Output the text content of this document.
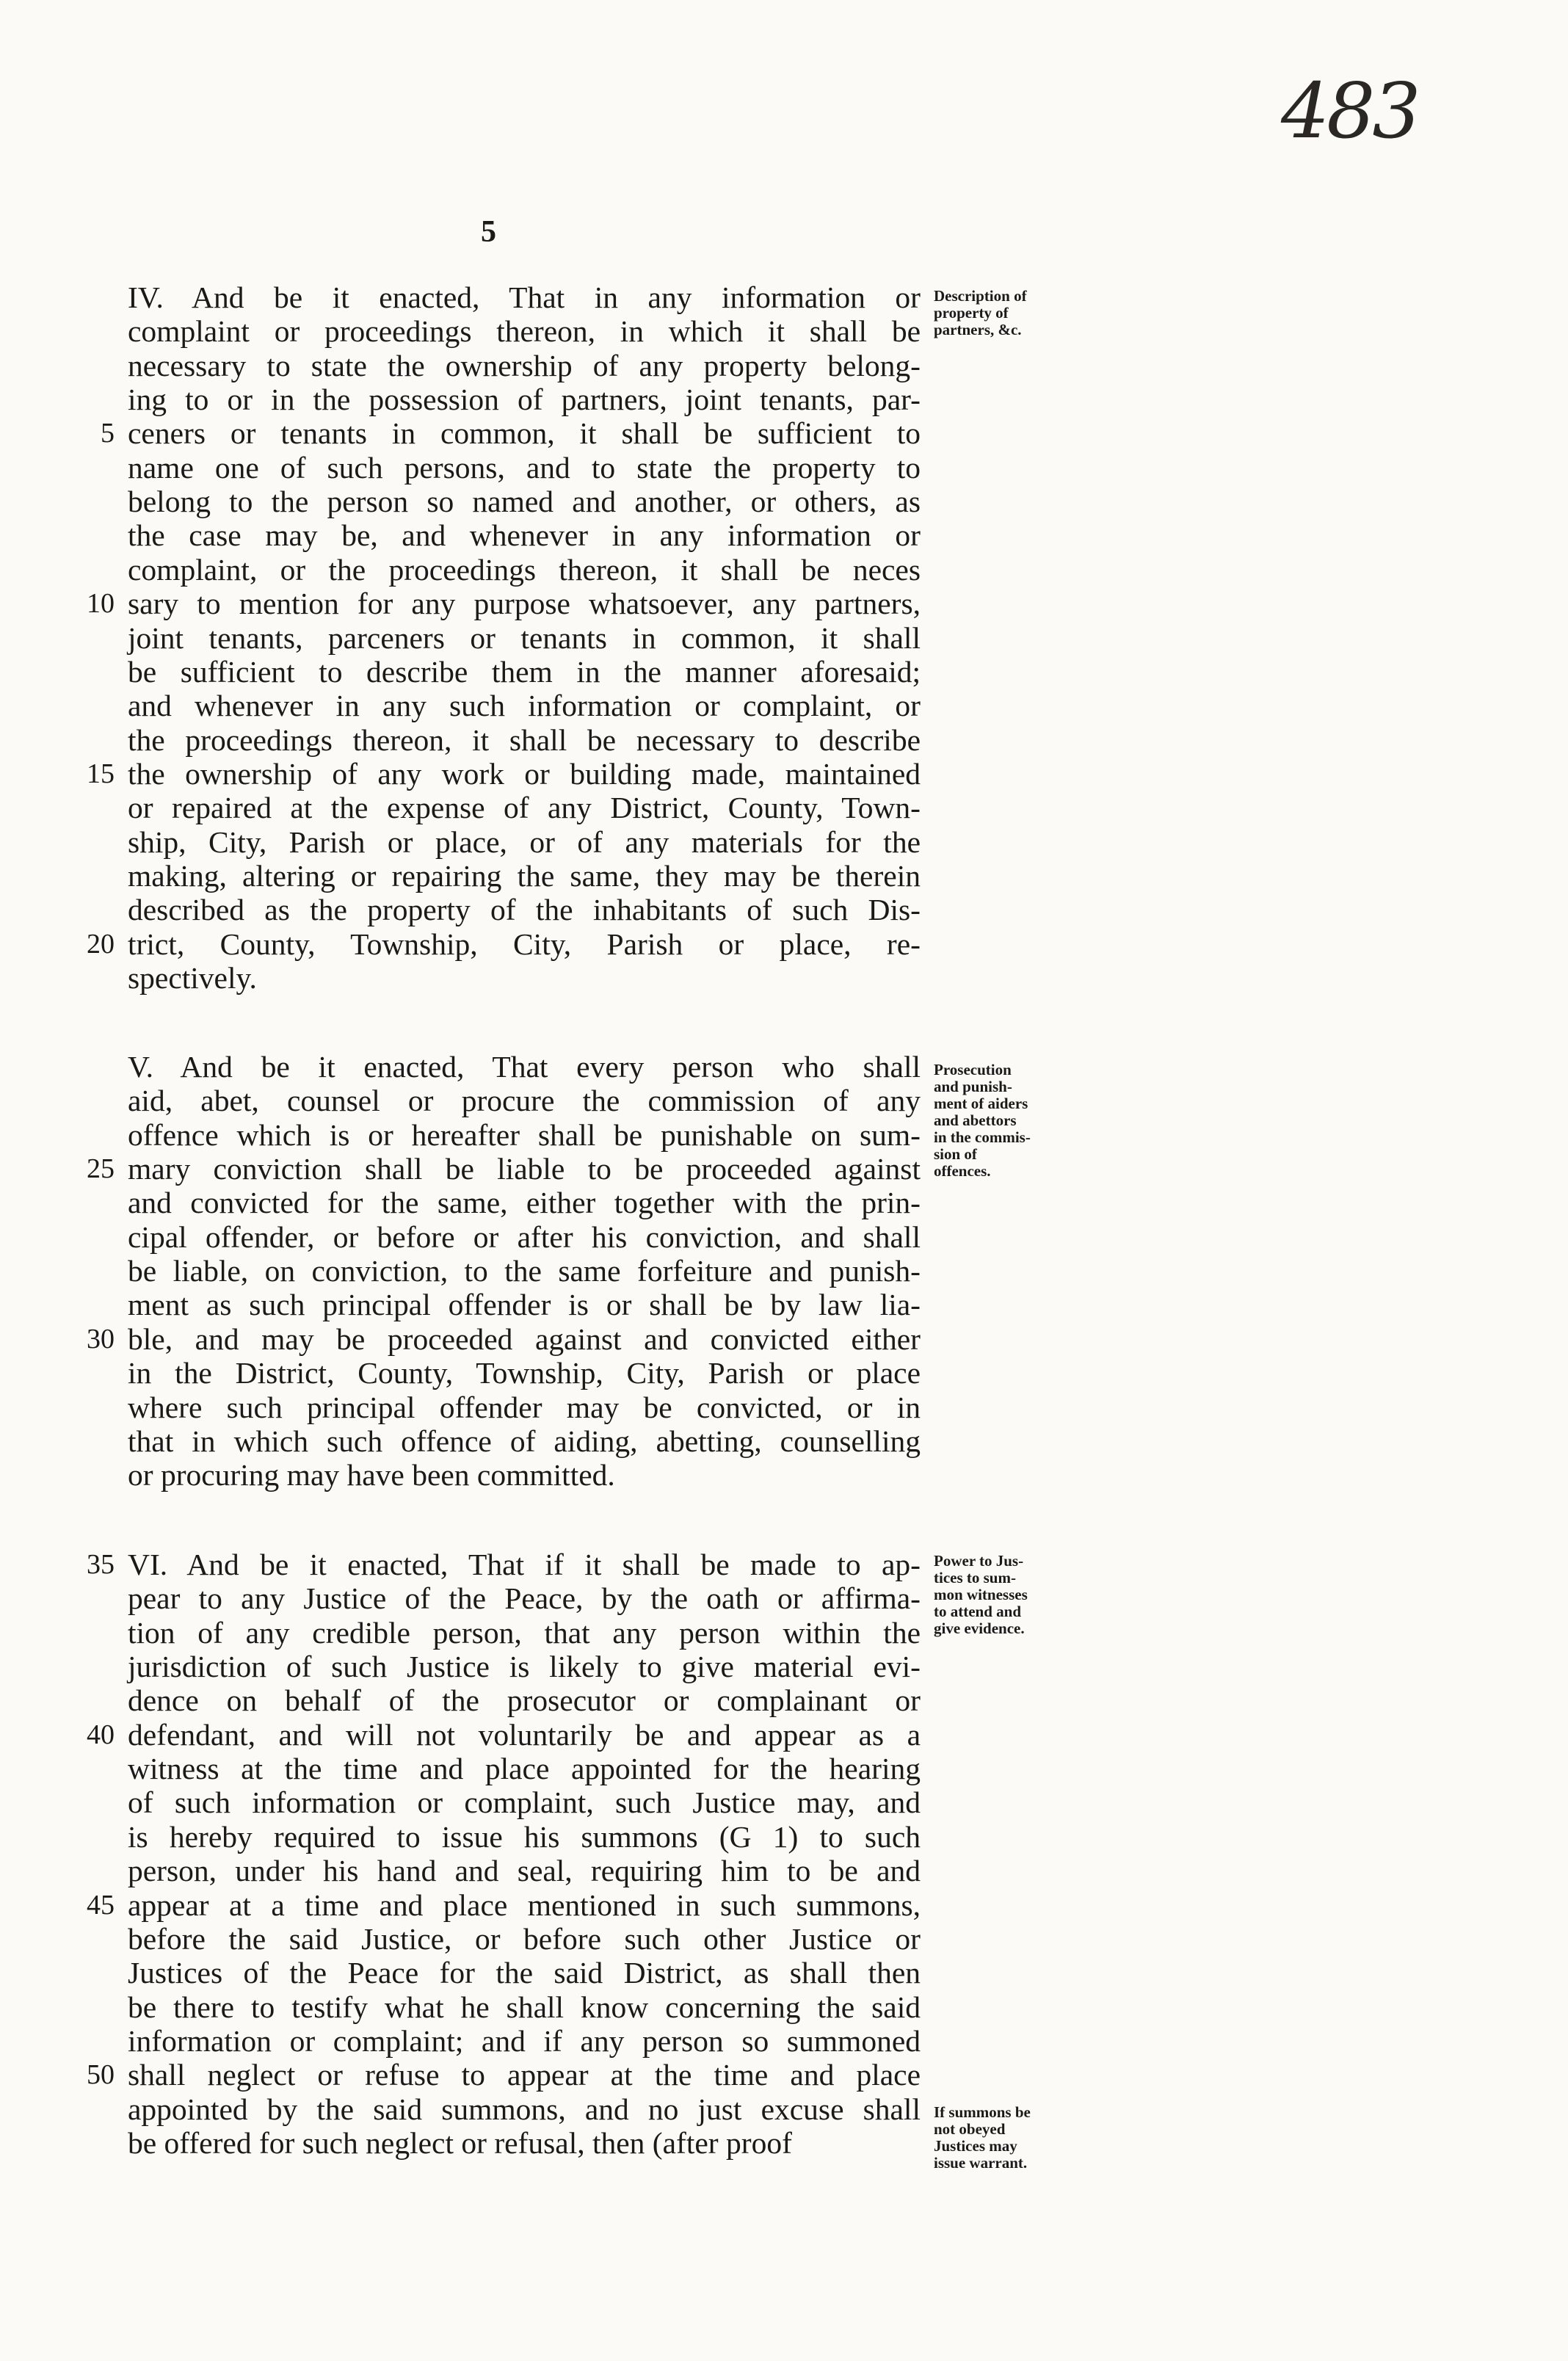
483
5
IV. And be it enacted, That in any information or
complaint or proceedings thereon, in which it shall be
necessary to state the ownership of any property belong-
ing to or in the possession of partners, joint tenants, par-
ceners or tenants in common, it shall be sufficient to
5
name one of such persons, and to state the property to
belong to the person so named and another, or others, as
the case may be, and whenever in any information or
complaint, or the proceedings thereon, it shall be neces
sary to mention for any purpose whatsoever, any partners,
10
joint tenants, parceners or tenants in common, it shall
be sufficient to describe them in the manner aforesaid;
and whenever in any such information or complaint, or
the proceedings thereon, it shall be necessary to describe
the ownership of any work or building made, maintained
15
or repaired at the expense of any District, County, Town-
ship, City, Parish or place, or of any materials for the
making, altering or repairing the same, they may be therein
described as the property of the inhabitants of such Dis-
trict, County, Township, City, Parish or place, re-
20
spectively.
Description of
property of
partners, &c.
V. And be it enacted, That every person who shall
aid, abet, counsel or procure the commission of any
offence which is or hereafter shall be punishable on sum-
mary conviction shall be liable to be proceeded against
25
and convicted for the same, either together with the prin-
cipal offender, or before or after his conviction, and shall
be liable, on conviction, to the same forfeiture and punish-
ment as such principal offender is or shall be by law lia-
ble, and may be proceeded against and convicted either
30
in the District, County, Township, City, Parish or place
where such principal offender may be convicted, or in
that in which such offence of aiding, abetting, counselling
or procuring may have been committed.
Prosecution
and punish-
ment of aiders
and abettors
in the commis-
sion of
offences.
VI. And be it enacted, That if it shall be made to ap-
35
pear to any Justice of the Peace, by the oath or affirma-
tion of any credible person, that any person within the
jurisdiction of such Justice is likely to give material evi-
dence on behalf of the prosecutor or complainant or
defendant, and will not voluntarily be and appear as a
40
witness at the time and place appointed for the hearing
of such information or complaint, such Justice may, and
is hereby required to issue his summons (G 1) to such
person, under his hand and seal, requiring him to be and
appear at a time and place mentioned in such summons,
45
before the said Justice, or before such other Justice or
Justices of the Peace for the said District, as shall then
be there to testify what he shall know concerning the said
information or complaint; and if any person so summoned
shall neglect or refuse to appear at the time and place
50
appointed by the said summons, and no just excuse shall
be offered for such neglect or refusal, then (after proof
Power to Jus-
tices to sum-
mon witnesses
to attend and
give evidence.
If summons be
not obeyed
Justices may
issue warrant.
